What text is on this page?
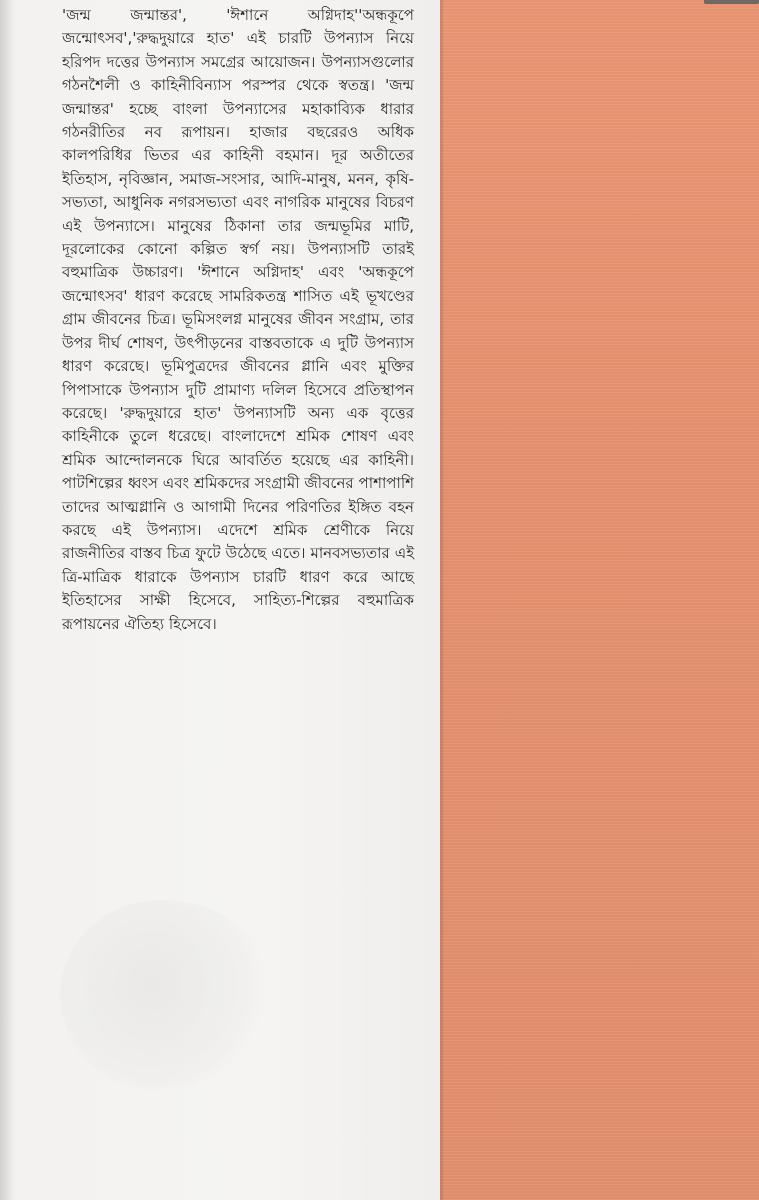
'জন্ম জন্মান্তর', 'ঈশানে অগ্নিদাহ''অন্ধকূপে জন্মোৎসব','রুদ্ধদুয়ারে হাত' এই চারটি উপন্যাস নিয়ে হরিপদ দত্তের উপন্যাস সমগ্রের আয়োজন। উপন্যাসগুলোর গঠনশৈলী ও কাহিনীবিন্যাস পরস্পর থেকে স্বতন্ত্র। 'জন্ম জন্মান্তর' হচ্ছে বাংলা উপন্যাসের মহাকাব্যিক ধারার গঠনরীতির নব রূপায়ন। হাজার বছরেরও অধিক কালপরিধির ভিতর এর কাহিনী বহমান। দূর অতীতের ইতিহাস, নৃবিজ্ঞান, সমাজ-সংসার, আদি-মানুষ, মনন, কৃষি- সভ্যতা, আধুনিক নগরসভ্যতা এবং নাগরিক মানুষের বিচরণ এই উপন্যাসে। মানুষের ঠিকানা তার জন্মভূমির মাটি, দূরলোকের কোনো কল্পিত স্বর্গ নয়। উপন্যাসটি তারই বহুমাত্রিক উচ্চারণ। 'ঈশানে অগ্নিদাহ' এবং 'অন্ধকূপে জন্মোৎসব' ধারণ করেছে সামরিকতন্ত্র শাসিত এই ভূখণ্ডের গ্রাম জীবনের চিত্র। ভূমিসংলগ্ন মানুষের জীবন সংগ্রাম, তার উপর দীর্ঘ শোষণ, উৎপীড়নের বাস্তবতাকে এ দুটি উপন্যাস ধারণ করেছে। ভূমিপুত্রদের জীবনের গ্লানি এবং মুক্তির পিপাসাকে উপন্যাস দুটি প্রামাণ্য দলিল হিসেবে প্রতিস্থাপন করেছে। 'রুদ্ধদুয়ারে হাত' উপন্যাসটি অন্য এক বৃত্তের কাহিনীকে তুলে ধরেছে। বাংলাদেশে শ্রমিক শোষণ এবং শ্রমিক আন্দোলনকে ঘিরে আবর্তিত হয়েছে এর কাহিনী। পাটশিল্পের ধ্বংস এবং শ্রমিকদের সংগ্রামী জীবনের পাশাপাশি তাদের আত্মগ্লানি ও আগামী দিনের পরিণতির ইঙ্গিত বহন করছে এই উপন্যাস। এদেশে শ্রমিক শ্রেণীকে নিয়ে রাজনীতির বাস্তব চিত্র ফুটে উঠেছে এতে। মানবসভ্যতার এই ত্রি-মাত্রিক ধারাকে উপন্যাস চারটি ধারণ করে আছে ইতিহাসের সাক্ষী হিসেবে, সাহিত্য-শিল্পের বহুমাত্রিক রূপায়নের ঐতিহ্য হিসেবে।
